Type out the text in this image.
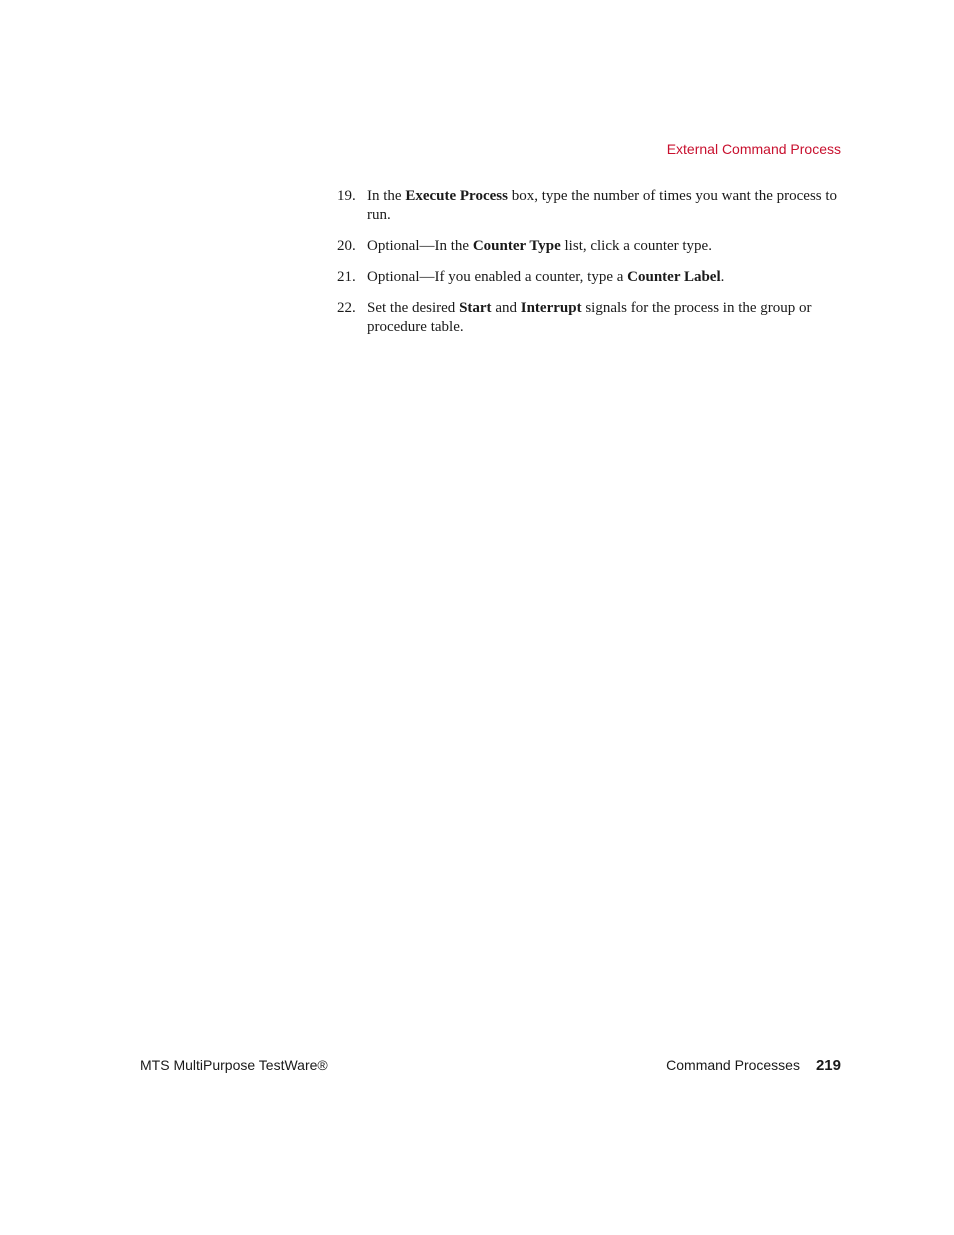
External Command Process
19. In the Execute Process box, type the number of times you want the process to run.
20. Optional—In the Counter Type list, click a counter type.
21. Optional—If you enabled a counter, type a Counter Label.
22. Set the desired Start and Interrupt signals for the process in the group or procedure table.
MTS MultiPurpose TestWare®	Command Processes 219
